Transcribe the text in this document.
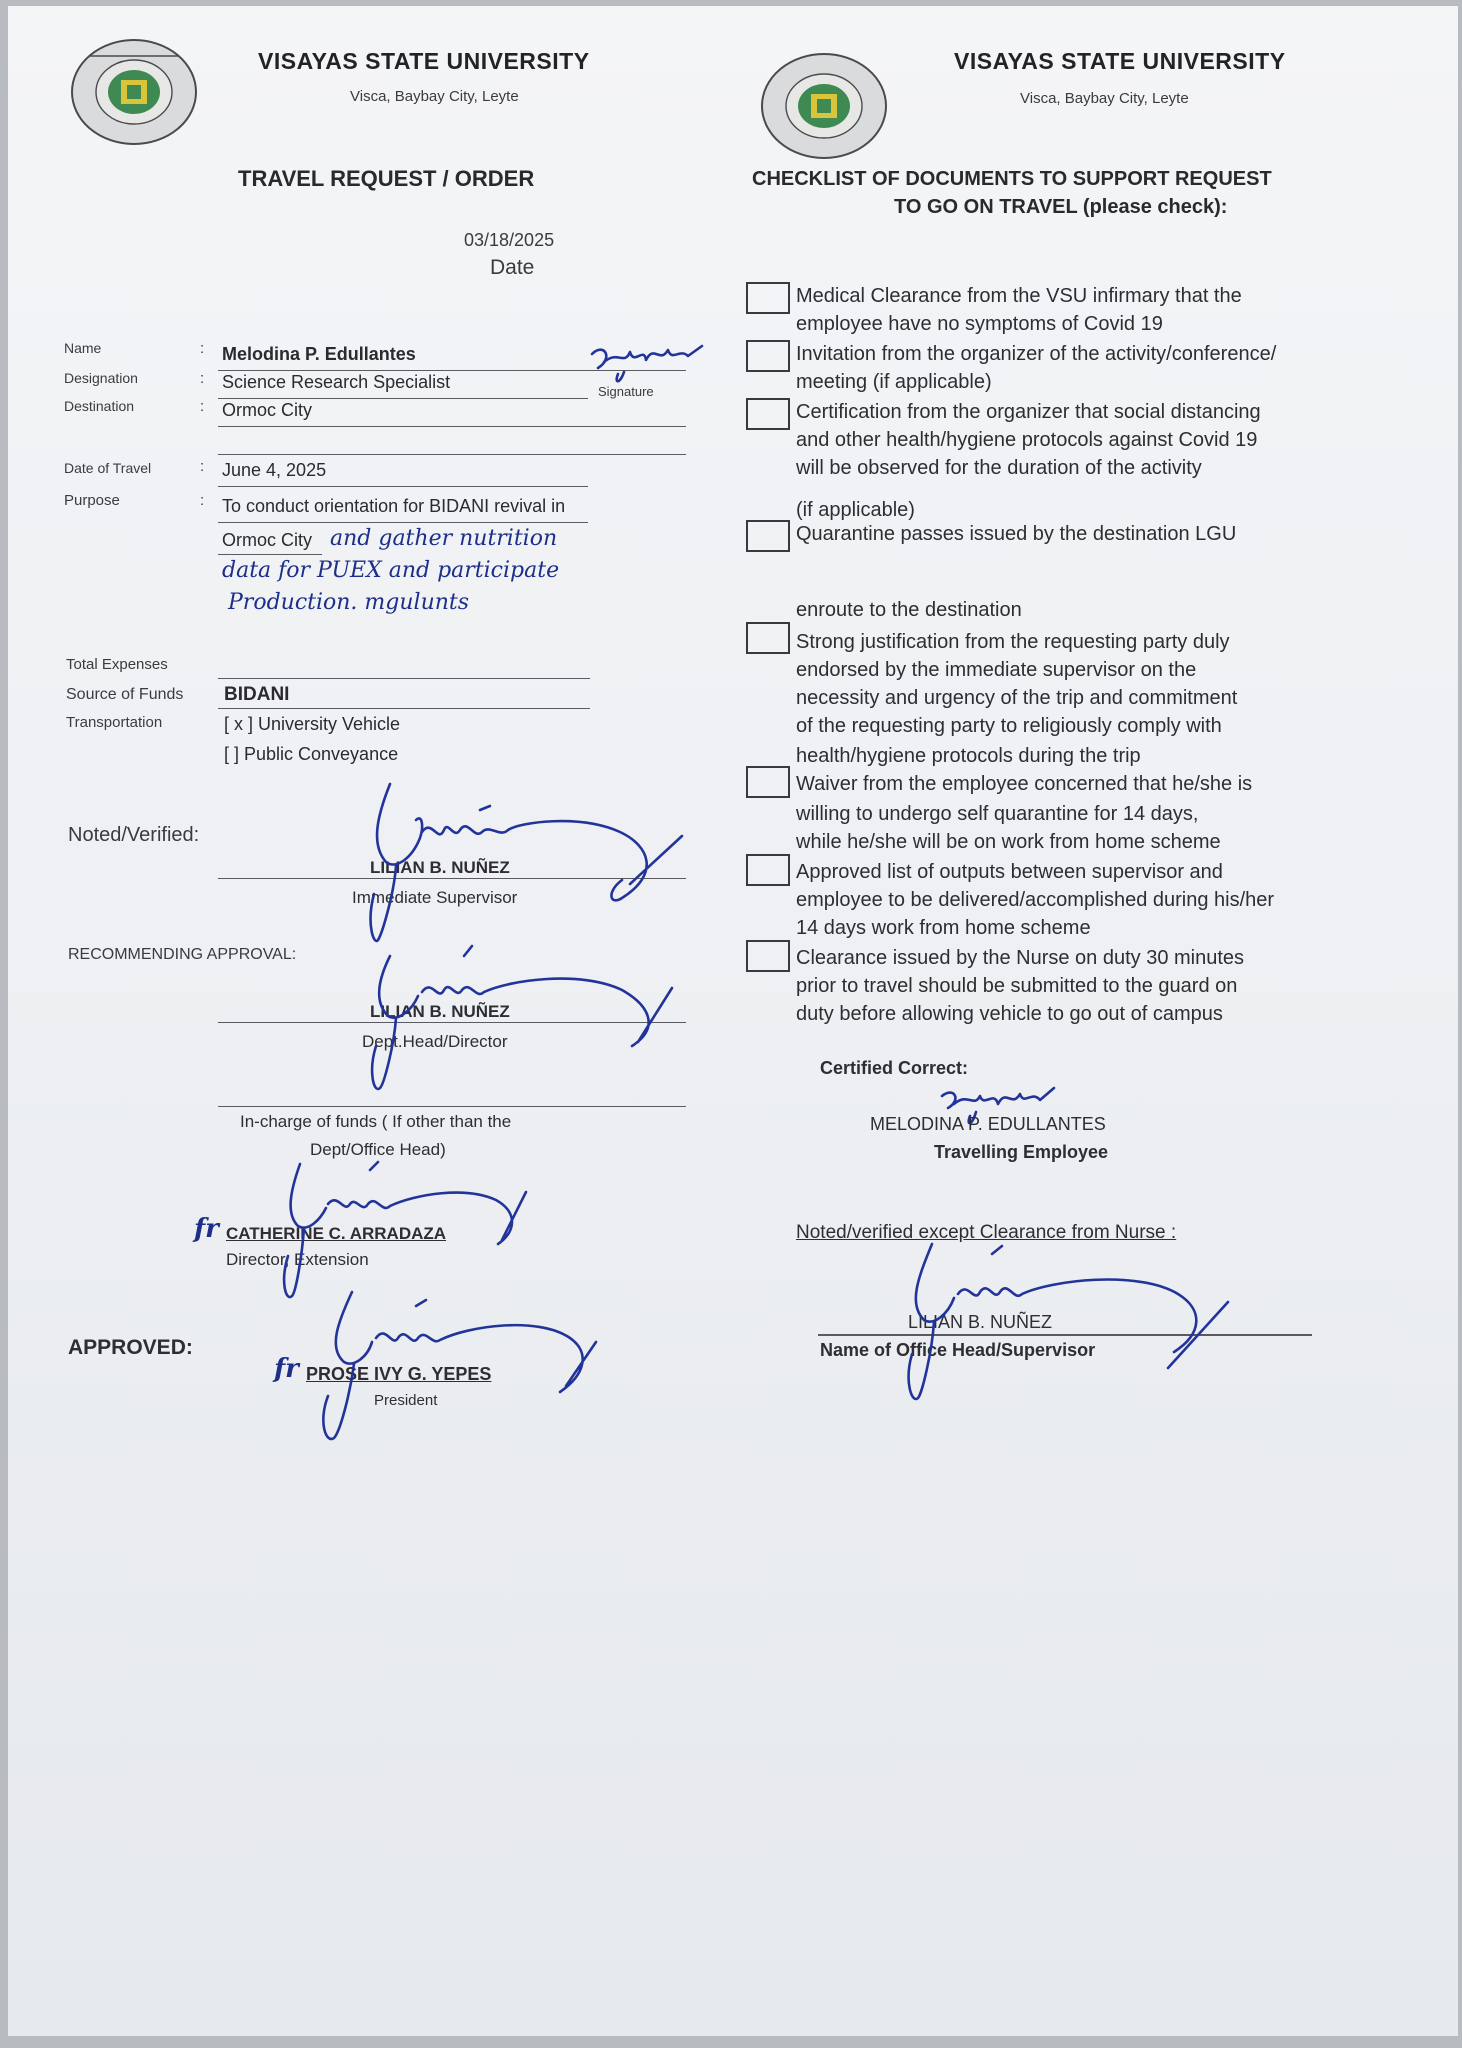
VISAYAS STATE UNIVERSITY
Visca, Baybay City, Leyte
TRAVEL REQUEST / ORDER
03/18/2025
Date
Name	: Melodina P. Edullantes
Signature
Designation	: Science Research Specialist
Destination	: Ormoc City
Date of Travel	: June 4, 2025
Purpose	: To conduct orientation for BIDANI revival in
Ormoc City and gather nutrition
data for PUEX and participate
Production. mgulunts
Total Expenses
Source of Funds BIDANI
Transportation	[ x ] University Vehicle
[ ] Public Conveyance
Noted/Verified:
LILIAN B. NUÑEZ
Immediate Supervisor
RECOMMENDING APPROVAL:
LILIAN B. NUÑEZ
Dept.Head/Director
In-charge of funds ( If other than the
Dept/Office Head)
fr CATHERINE C. ARRADAZA
Director, Extension
APPROVED:
fr PROSE IVY G. YEPES
President
VISAYAS STATE UNIVERSITY
Visca, Baybay City, Leyte
CHECKLIST OF DOCUMENTS TO SUPPORT REQUEST
TO GO ON TRAVEL (please check):
Medical Clearance from the VSU infirmary that the
employee have no symptoms of Covid 19
Invitation from the organizer of the activity/conference/
meeting (if applicable)
Certification from the organizer that social distancing
and other health/hygiene protocols against Covid 19
will be observed for the duration of the activity
(if applicable)
Quarantine passes issued by the destination LGU
enroute to the destination
Strong justification from the requesting party duly
endorsed by the immediate supervisor on the
necessity and urgency of the trip and commitment
of the requesting party to religiously comply with
health/hygiene protocols during the trip
Waiver from the employee concerned that he/she is
willing to undergo self quarantine for 14 days,
while he/she will be on work from home scheme
Approved list of outputs between supervisor and
employee to be delivered/accomplished during his/her
14 days work from home scheme
Clearance issued by the Nurse on duty 30 minutes
prior to travel should be submitted to the guard on
duty before allowing vehicle to go out of campus
Certified Correct:
MELODINA P. EDULLANTES
Travelling Employee
Noted/verified except Clearance from Nurse :
LILIAN B. NUÑEZ
Name of Office Head/Supervisor
